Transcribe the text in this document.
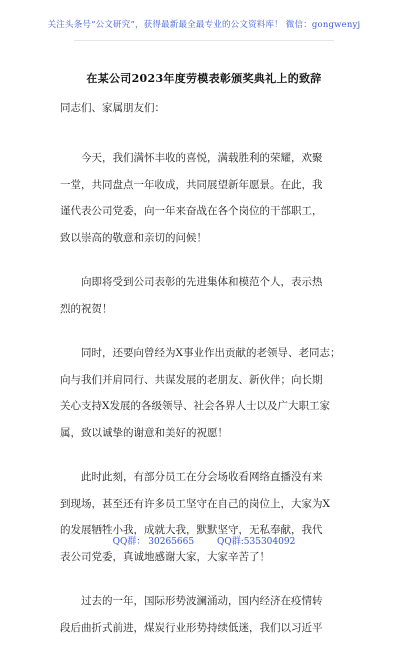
关注头条号“公文研究”，获得最新最全最专业的公文资料库！ 微信：gongwenyj
在某公司2023年度劳模表彰颁奖典礼上的致辞
同志们、家属朋友们：
今天，我们满怀丰收的喜悦，满载胜利的荣耀，欢聚
一堂，共同盘点一年收成，共同展望新年愿景。在此，我
谨代表公司党委，向一年来奋战在各个岗位的干部职工，
致以崇高的敬意和亲切的问候！
向即将受到公司表彰的先进集体和模范个人，表示热
烈的祝贺！
同时，还要向曾经为X事业作出贡献的老领导、老同志；
向与我们并肩同行、共谋发展的老朋友、新伙伴；向长期
关心支持X发展的各级领导、社会各界人士以及广大职工家
属，致以诚挚的谢意和美好的祝愿！
此时此刻，有部分员工在分会场收看网络直播没有来
到现场，甚至还有许多员工坚守在自己的岗位上，大家为X
的发展牺牲小我，成就大我，默默坚守，无私奉献，我代
表公司党委，真诚地感谢大家，大家辛苦了！
过去的一年，国际形势波澜涌动，国内经济在疫情转
段后曲折式前进，煤炭行业形势持续低迷，我们以习近平
QQ群： 30265665	QQ群:535304092
